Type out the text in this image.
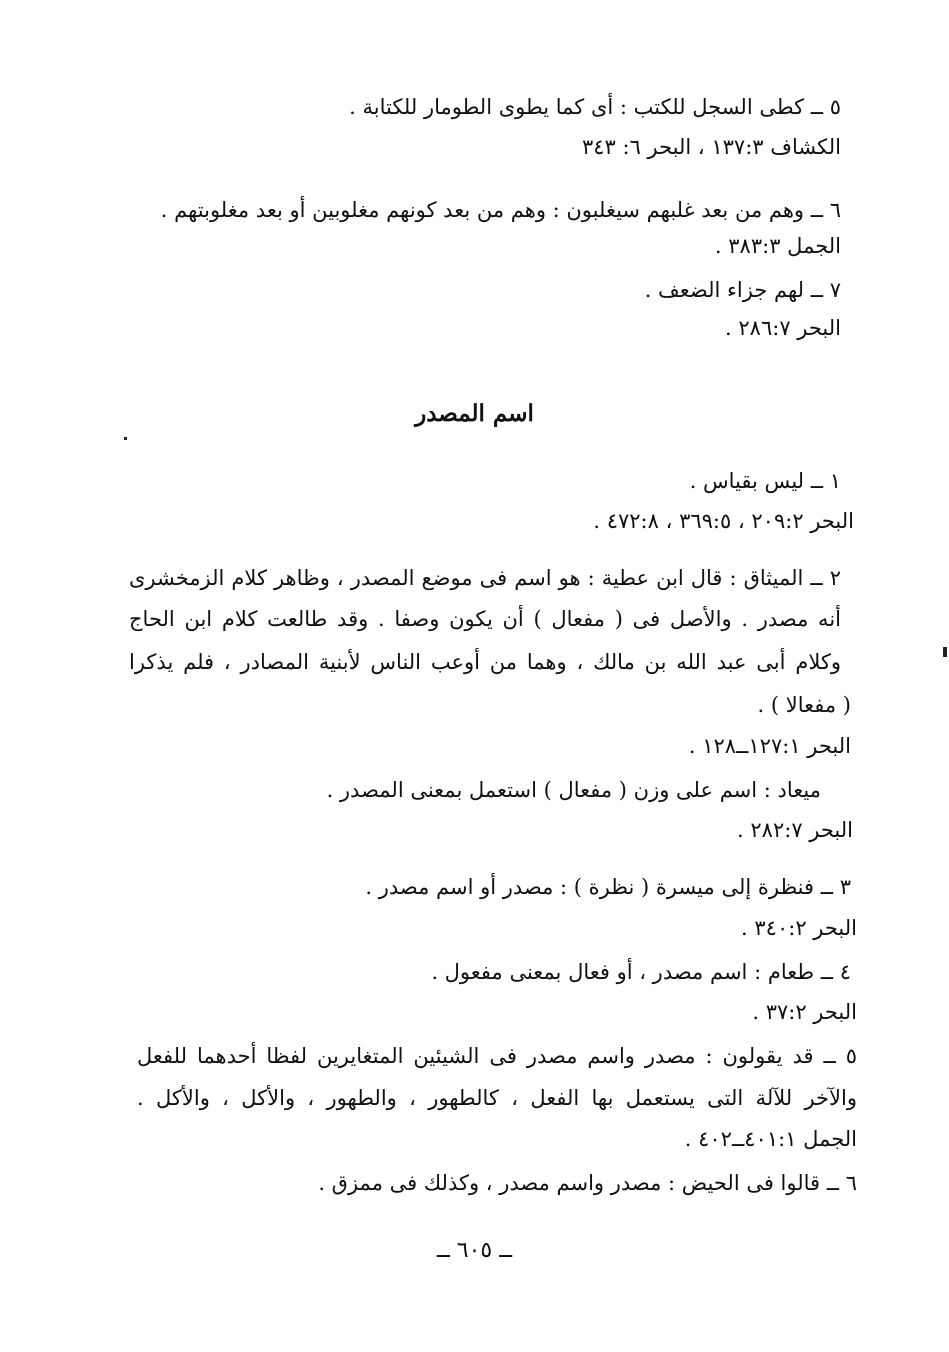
٥ ــ كطى السجل للكتب : أى كما يطوى الطومار للكتابة .
الكشاف ١٣٧:٣ ، البحر ٦: ٣٤٣
٦ ــ وهم من بعد غلبهم سيغلبون : وهم من بعد كونهم مغلوبين أو بعد مغلوبتهم .
الجمل ٣٨٣:٣ .
٧ ــ لهم جزاء الضعف .
البحر ٢٨٦:٧ .
اسم المصدر
١ ــ ليس بقياس .
البحر ٢٠٩:٢ ، ٣٦٩:٥ ، ٤٧٢:٨ .
٢ ــ الميثاق : قال ابن عطية : هو اسم فى موضع المصدر ، وظاهر كلام الزمخشرى
أنه مصدر . والأصل فى ( مفعال ) أن يكون وصفا . وقد طالعت كلام ابن الحاج
وكلام أبى عبد الله بن مالك ، وهما من أوعب الناس لأبنية المصادر ، فلم يذكرا
( مفعالا ) .
البحر ١٢٧:١ــ١٢٨ .
ميعاد : اسم على وزن ( مفعال ) استعمل بمعنى المصدر .
البحر ٢٨٢:٧ .
٣ ــ فنظرة إلى ميسرة ( نظرة ) : مصدر أو اسم مصدر .
البحر ٣٤٠:٢ .
٤ ــ طعام : اسم مصدر ، أو فعال بمعنى مفعول .
البحر ٣٧:٢ .
٥ ــ قد يقولون : مصدر واسم مصدر فى الشيئين المتغايرين لفظا أحدهما للفعل
والآخر للآلة التى يستعمل بها الفعل ، كالطهور ، والطهور ، والأكل ، والأكل .
الجمل ٤٠١:١ــ٤٠٢ .
٦ ــ قالوا فى الحيض : مصدر واسم مصدر ، وكذلك فى ممزق .
ــ ٦٠٥ ــ
